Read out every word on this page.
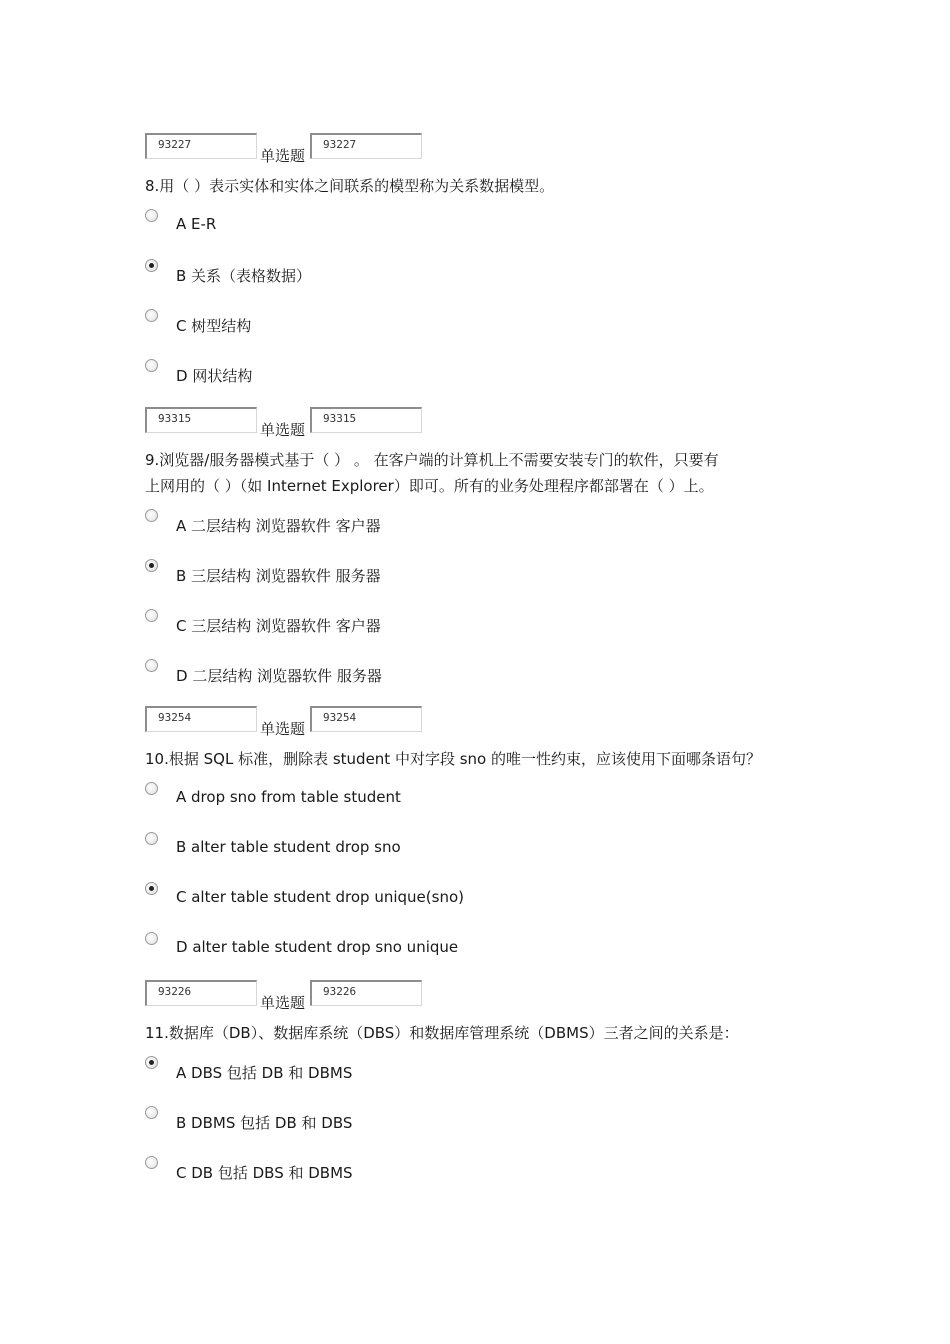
93227
单选题
93227
8.用（ ）表示实体和实体之间联系的模型称为关系数据模型。
A E-R
B 关系（表格数据）
C 树型结构
D 网状结构
93315
单选题
93315
9.浏览器/服务器模式基于（ ） 。 在客户端的计算机上不需要安装专门的软件，只要有
上网用的（ ）（如 Internet Explorer）即可。所有的业务处理程序都部署在（ ）上。
A 二层结构 浏览器软件 客户器
B 三层结构 浏览器软件 服务器
C 三层结构 浏览器软件 客户器
D 二层结构 浏览器软件 服务器
93254
单选题
93254
10.根据 SQL 标准，删除表 student 中对字段 sno 的唯一性约束，应该使用下面哪条语句？
A drop sno from table student
B alter table student drop sno
C alter table student drop unique(sno)
D alter table student drop sno unique
93226
单选题
93226
11.数据库（DB）、数据库系统（DBS）和数据库管理系统（DBMS）三者之间的关系是：
A DBS 包括 DB 和 DBMS
B DBMS 包括 DB 和 DBS
C DB 包括 DBS 和 DBMS
